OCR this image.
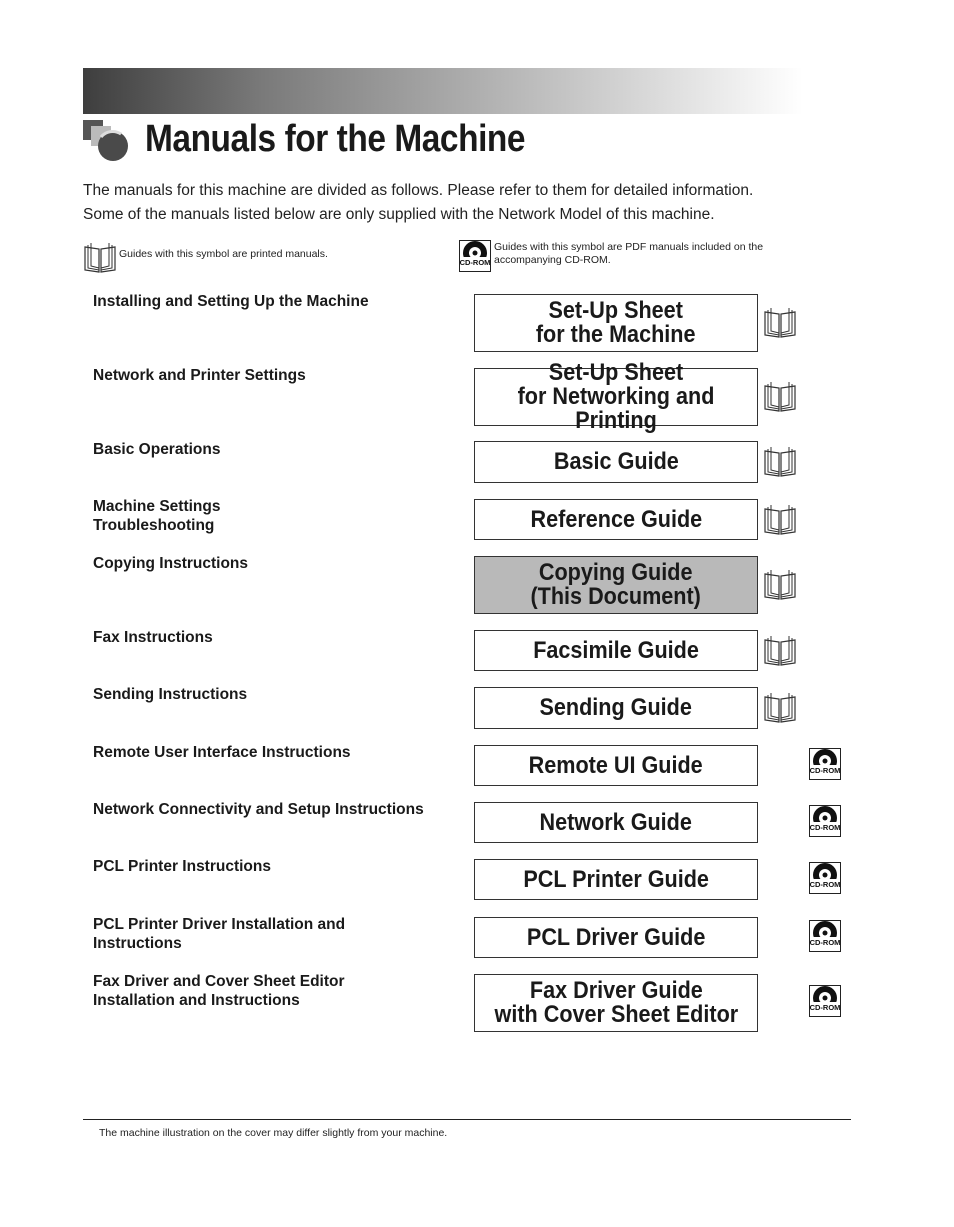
Manuals for the Machine

The manuals for this machine are divided as follows. Please refer to them for detailed information.

Some of the manuals listed below are only supplied with the Network Model of this machine.

Guides with this symbol are printed manuals.
CD-ROM
Guides with this symbol are PDF manuals included on the accompanying CD-ROM.
Installing and Setting Up the Machine	Set-Up Sheet
for the Machine
Network and Printer Settings	Set-Up Sheet
for Networking and Printing
Basic Operations	Basic Guide
Machine Settings
Troubleshooting	Reference Guide
Copying Instructions	Copying Guide
(This Document)
Fax Instructions	Facsimile Guide
Sending Instructions	Sending Guide
Remote User Interface Instructions	Remote UI Guide	CD-ROM
Network Connectivity and Setup Instructions	Network Guide	CD-ROM
PCL Printer Instructions	PCL Printer Guide	CD-ROM
PCL Printer Driver Installation and
Instructions	PCL Driver Guide	CD-ROM
Fax Driver and Cover Sheet Editor
Installation and Instructions	Fax Driver Guide
with Cover Sheet Editor	CD-ROM
The machine illustration on the cover may differ slightly from your machine.
